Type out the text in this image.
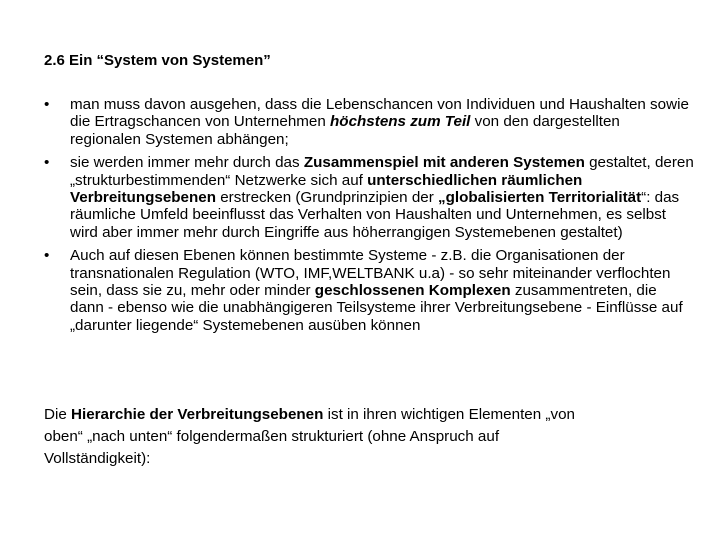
2.6 Ein “System von Systemen”
•	man muss davon ausgehen, dass die Lebenschancen von Individuen und Haushalten sowie die Ertragschancen von Unternehmen höchstens zum Teil von den dargestellten regionalen Systemen abhängen;
•	sie werden immer mehr durch das Zusammenspiel mit anderen Systemen gestaltet, deren „strukturbestimmenden“ Netzwerke sich auf unterschiedlichen räumlichen Verbreitungsebenen erstrecken (Grundprinzipien der „globalisierten Territorialität“: das räumliche Umfeld beeinflusst das Verhalten von Haushalten und Unternehmen, es selbst wird aber immer mehr durch Eingriffe aus höherrangigen Systemebenen gestaltet)
•	Auch auf diesen Ebenen können bestimmte Systeme - z.B. die Organisationen der transnationalen Regulation (WTO, IMF,WELTBANK u.a) - so sehr miteinander verflochten sein, dass sie zu, mehr oder minder geschlossenen Komplexen zusammentreten, die dann - ebenso wie die unabhängigeren Teilsysteme ihrer Verbreitungsebene - Einflüsse auf „darunter liegende“ Systemebenen ausüben können

Die Hierarchie der Verbreitungsebenen ist in ihren wichtigen Elementen „von oben“ „nach unten“ folgendermaßen strukturiert (ohne Anspruch auf Vollständigkeit):
